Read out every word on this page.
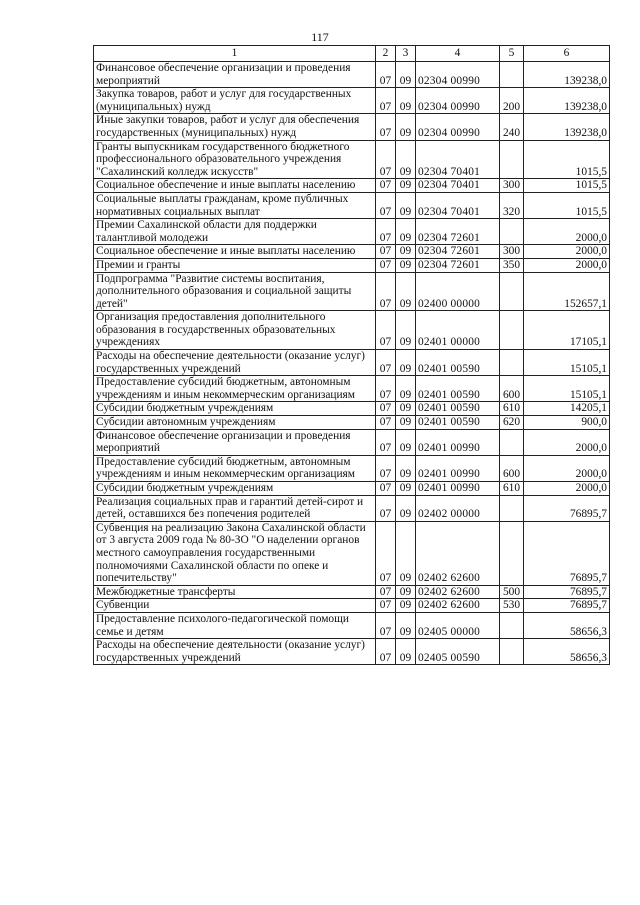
117
1	2	3	4	5	6
Финансовое обеспечение организации и проведения мероприятий	07	09	02304 00990		139238,0
Закупка товаров, работ и услуг для государственных (муниципальных) нужд	07	09	02304 00990	200	139238,0
Иные закупки товаров, работ и услуг для обеспечения государственных (муниципальных) нужд	07	09	02304 00990	240	139238,0
Гранты выпускникам государственного бюджетного профессионального образовательного учреждения "Сахалинский колледж искусств"	07	09	02304 70401		1015,5
Социальное обеспечение и иные выплаты населению	07	09	02304 70401	300	1015,5
Социальные выплаты гражданам, кроме публичных нормативных социальных выплат	07	09	02304 70401	320	1015,5
Премии Сахалинской области для поддержки талантливой молодежи	07	09	02304 72601		2000,0
Социальное обеспечение и иные выплаты населению	07	09	02304 72601	300	2000,0
Премии и гранты	07	09	02304 72601	350	2000,0
Подпрограмма "Развитие системы воспитания, дополнительного образования и социальной защиты детей"	07	09	02400 00000		152657,1
Организация предоставления дополнительного образования в государственных образовательных учреждениях	07	09	02401 00000		17105,1
Расходы на обеспечение деятельности (оказание услуг) государственных учреждений	07	09	02401 00590		15105,1
Предоставление субсидий бюджетным, автономным учреждениям и иным некоммерческим организациям	07	09	02401 00590	600	15105,1
Субсидии бюджетным учреждениям	07	09	02401 00590	610	14205,1
Субсидии автономным учреждениям	07	09	02401 00590	620	900,0
Финансовое обеспечение организации и проведения мероприятий	07	09	02401 00990		2000,0
Предоставление субсидий бюджетным, автономным учреждениям и иным некоммерческим организациям	07	09	02401 00990	600	2000,0
Субсидии бюджетным учреждениям	07	09	02401 00990	610	2000,0
Реализация социальных прав и гарантий детей-сирот и детей, оставшихся без попечения родителей	07	09	02402 00000		76895,7
Субвенция на реализацию Закона Сахалинской области от 3 августа 2009 года № 80-ЗО "О наделении органов местного самоуправления государственными полномочиями Сахалинской области по опеке и попечительству"	07	09	02402 62600		76895,7
Межбюджетные трансферты	07	09	02402 62600	500	76895,7
Субвенции	07	09	02402 62600	530	76895,7
Предоставление психолого-педагогической помощи семье и детям	07	09	02405 00000		58656,3
Расходы на обеспечение деятельности (оказание услуг) государственных учреждений	07	09	02405 00590		58656,3
